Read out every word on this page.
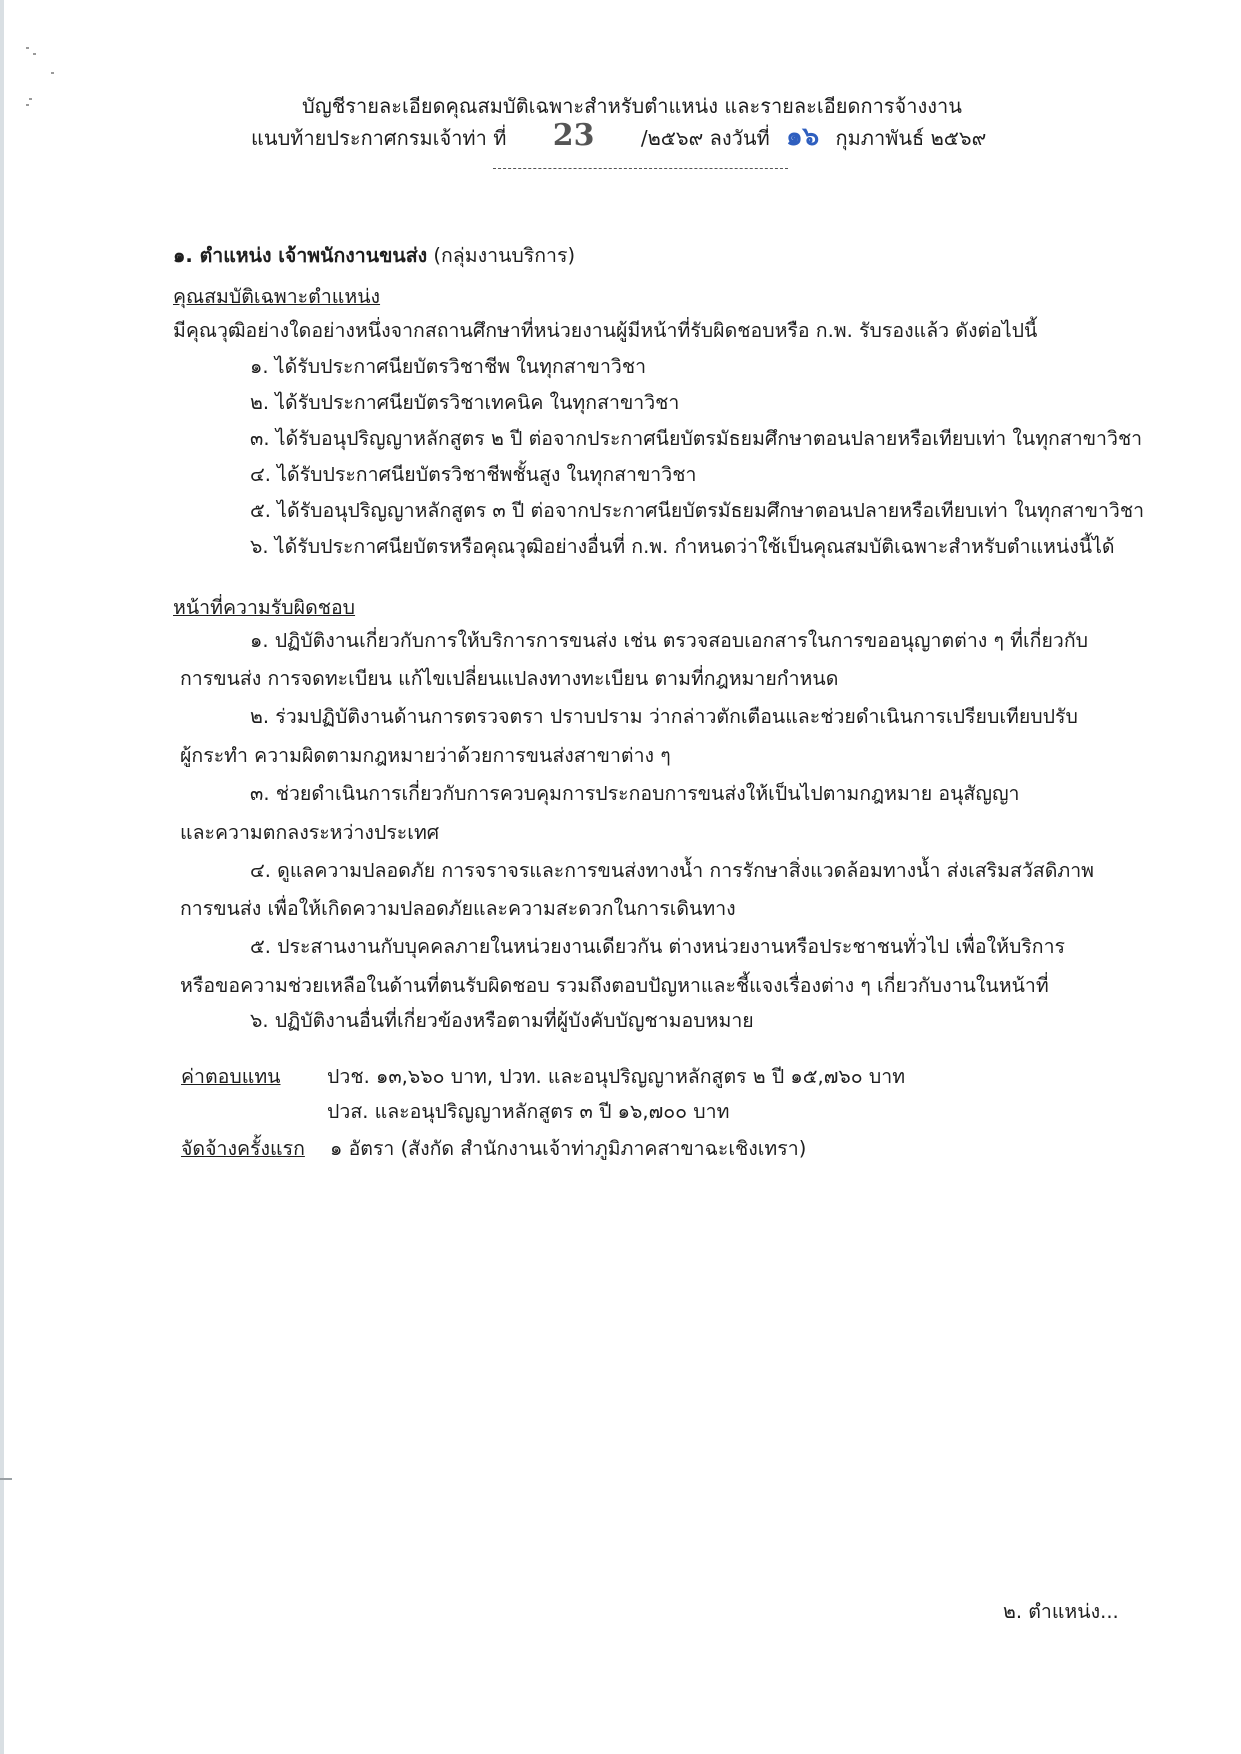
บัญชีรายละเอียดคุณสมบัติเฉพาะสำหรับตำแหน่ง และรายละเอียดการจ้างงาน
แนบท้ายประกาศกรมเจ้าท่า ที่ 23 /๒๕๖๙ ลงวันที่ ๑๖ กุมภาพันธ์ ๒๕๖๙
๑. ตำแหน่ง เจ้าพนักงานขนส่ง (กลุ่มงานบริการ)
คุณสมบัติเฉพาะตำแหน่ง
มีคุณวุฒิอย่างใดอย่างหนึ่งจากสถานศึกษาที่หน่วยงานผู้มีหน้าที่รับผิดชอบหรือ ก.พ. รับรองแล้ว ดังต่อไปนี้
๑. ได้รับประกาศนียบัตรวิชาชีพ ในทุกสาขาวิชา
๒. ได้รับประกาศนียบัตรวิชาเทคนิค ในทุกสาขาวิชา
๓. ได้รับอนุปริญญาหลักสูตร ๒ ปี ต่อจากประกาศนียบัตรมัธยมศึกษาตอนปลายหรือเทียบเท่า ในทุกสาขาวิชา
๔. ได้รับประกาศนียบัตรวิชาชีพชั้นสูง ในทุกสาขาวิชา
๕. ได้รับอนุปริญญาหลักสูตร ๓ ปี ต่อจากประกาศนียบัตรมัธยมศึกษาตอนปลายหรือเทียบเท่า ในทุกสาขาวิชา
๖. ได้รับประกาศนียบัตรหรือคุณวุฒิอย่างอื่นที่ ก.พ. กำหนดว่าใช้เป็นคุณสมบัติเฉพาะสำหรับตำแหน่งนี้ได้
หน้าที่ความรับผิดชอบ
๑. ปฏิบัติงานเกี่ยวกับการให้บริการการขนส่ง เช่น ตรวจสอบเอกสารในการขออนุญาตต่าง ๆ ที่เกี่ยวกับ
การขนส่ง การจดทะเบียน แก้ไขเปลี่ยนแปลงทางทะเบียน ตามที่กฎหมายกำหนด
๒. ร่วมปฏิบัติงานด้านการตรวจตรา ปราบปราม ว่ากล่าวตักเตือนและช่วยดำเนินการเปรียบเทียบปรับ
ผู้กระทำ ความผิดตามกฎหมายว่าด้วยการขนส่งสาขาต่าง ๆ
๓. ช่วยดำเนินการเกี่ยวกับการควบคุมการประกอบการขนส่งให้เป็นไปตามกฎหมาย อนุสัญญา
และความตกลงระหว่างประเทศ
๔. ดูแลความปลอดภัย การจราจรและการขนส่งทางน้ำ การรักษาสิ่งแวดล้อมทางน้ำ ส่งเสริมสวัสดิภาพ
การขนส่ง เพื่อให้เกิดความปลอดภัยและความสะดวกในการเดินทาง
๕. ประสานงานกับบุคคลภายในหน่วยงานเดียวกัน ต่างหน่วยงานหรือประชาชนทั่วไป เพื่อให้บริการ
หรือขอความช่วยเหลือในด้านที่ตนรับผิดชอบ รวมถึงตอบปัญหาและชี้แจงเรื่องต่าง ๆ เกี่ยวกับงานในหน้าที่
๖. ปฏิบัติงานอื่นที่เกี่ยวข้องหรือตามที่ผู้บังคับบัญชามอบหมาย
ค่าตอบแทน ปวช. ๑๓,๖๖๐ บาท, ปวท. และอนุปริญญาหลักสูตร ๒ ปี ๑๕,๗๖๐ บาท
ปวส. และอนุปริญญาหลักสูตร ๓ ปี ๑๖,๗๐๐ บาท
จัดจ้างครั้งแรก ๑ อัตรา (สังกัด สำนักงานเจ้าท่าภูมิภาคสาขาฉะเชิงเทรา)
๒. ตำแหน่ง...
